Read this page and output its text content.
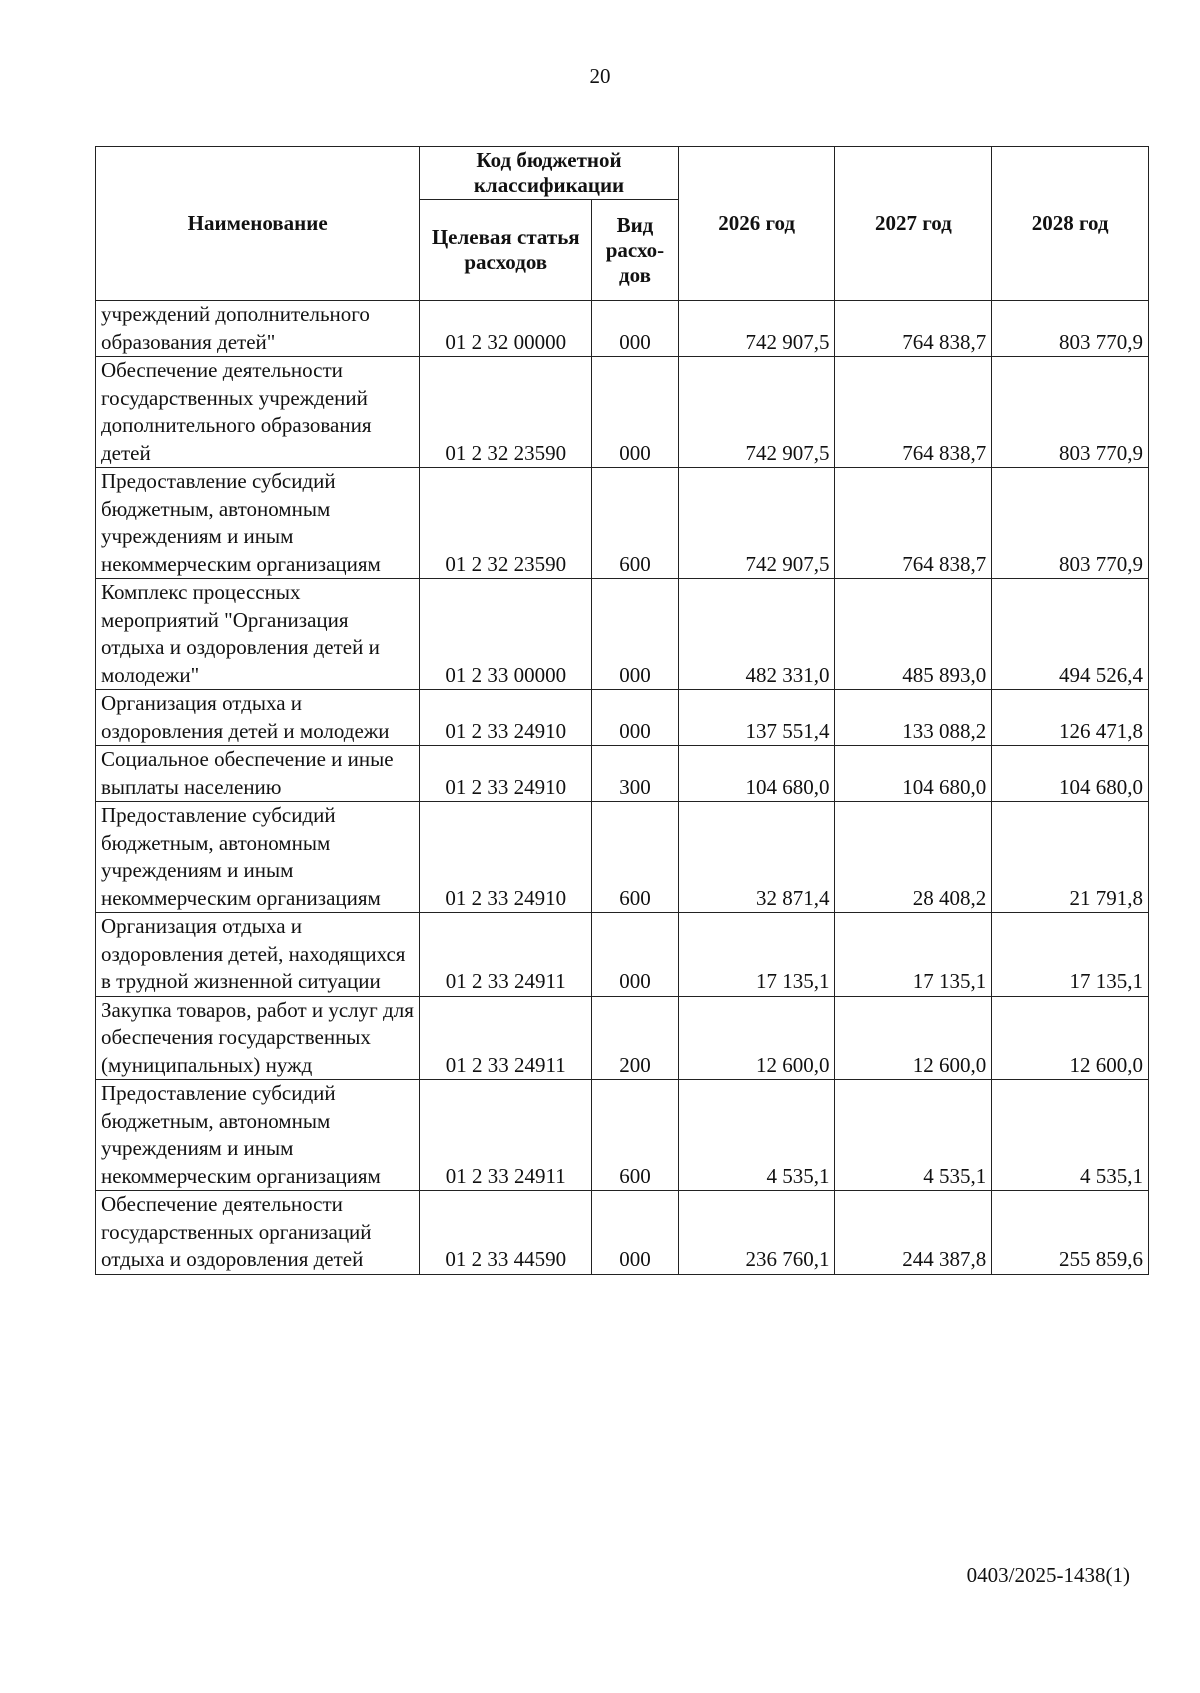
20
Наименование	Код бюджетной классификации		2026 год	2027 год	2028 год
	Целевая статья расходов	Вид расхо-дов			
учреждений дополнительного образования детей"	01 2 32 00000	000	742 907,5	764 838,7	803 770,9
Обеспечение деятельности государственных учреждений дополнительного образования детей	01 2 32 23590	000	742 907,5	764 838,7	803 770,9
Предоставление субсидий бюджетным, автономным учреждениям и иным некоммерческим организациям	01 2 32 23590	600	742 907,5	764 838,7	803 770,9
Комплекс процессных мероприятий "Организация отдыха и оздоровления детей и молодежи"	01 2 33 00000	000	482 331,0	485 893,0	494 526,4
Организация отдыха и оздоровления детей и молодежи	01 2 33 24910	000	137 551,4	133 088,2	126 471,8
Социальное обеспечение и иные выплаты населению	01 2 33 24910	300	104 680,0	104 680,0	104 680,0
Предоставление субсидий бюджетным, автономным учреждениям и иным некоммерческим организациям	01 2 33 24910	600	32 871,4	28 408,2	21 791,8
Организация отдыха и оздоровления детей, находящихся в трудной жизненной ситуации	01 2 33 24911	000	17 135,1	17 135,1	17 135,1
Закупка товаров, работ и услуг для обеспечения государственных (муниципальных) нужд	01 2 33 24911	200	12 600,0	12 600,0	12 600,0
Предоставление субсидий бюджетным, автономным учреждениям и иным некоммерческим организациям	01 2 33 24911	600	4 535,1	4 535,1	4 535,1
Обеспечение деятельности государственных организаций отдыха и оздоровления детей	01 2 33 44590	000	236 760,1	244 387,8	255 859,6
0403/2025-1438(1)
